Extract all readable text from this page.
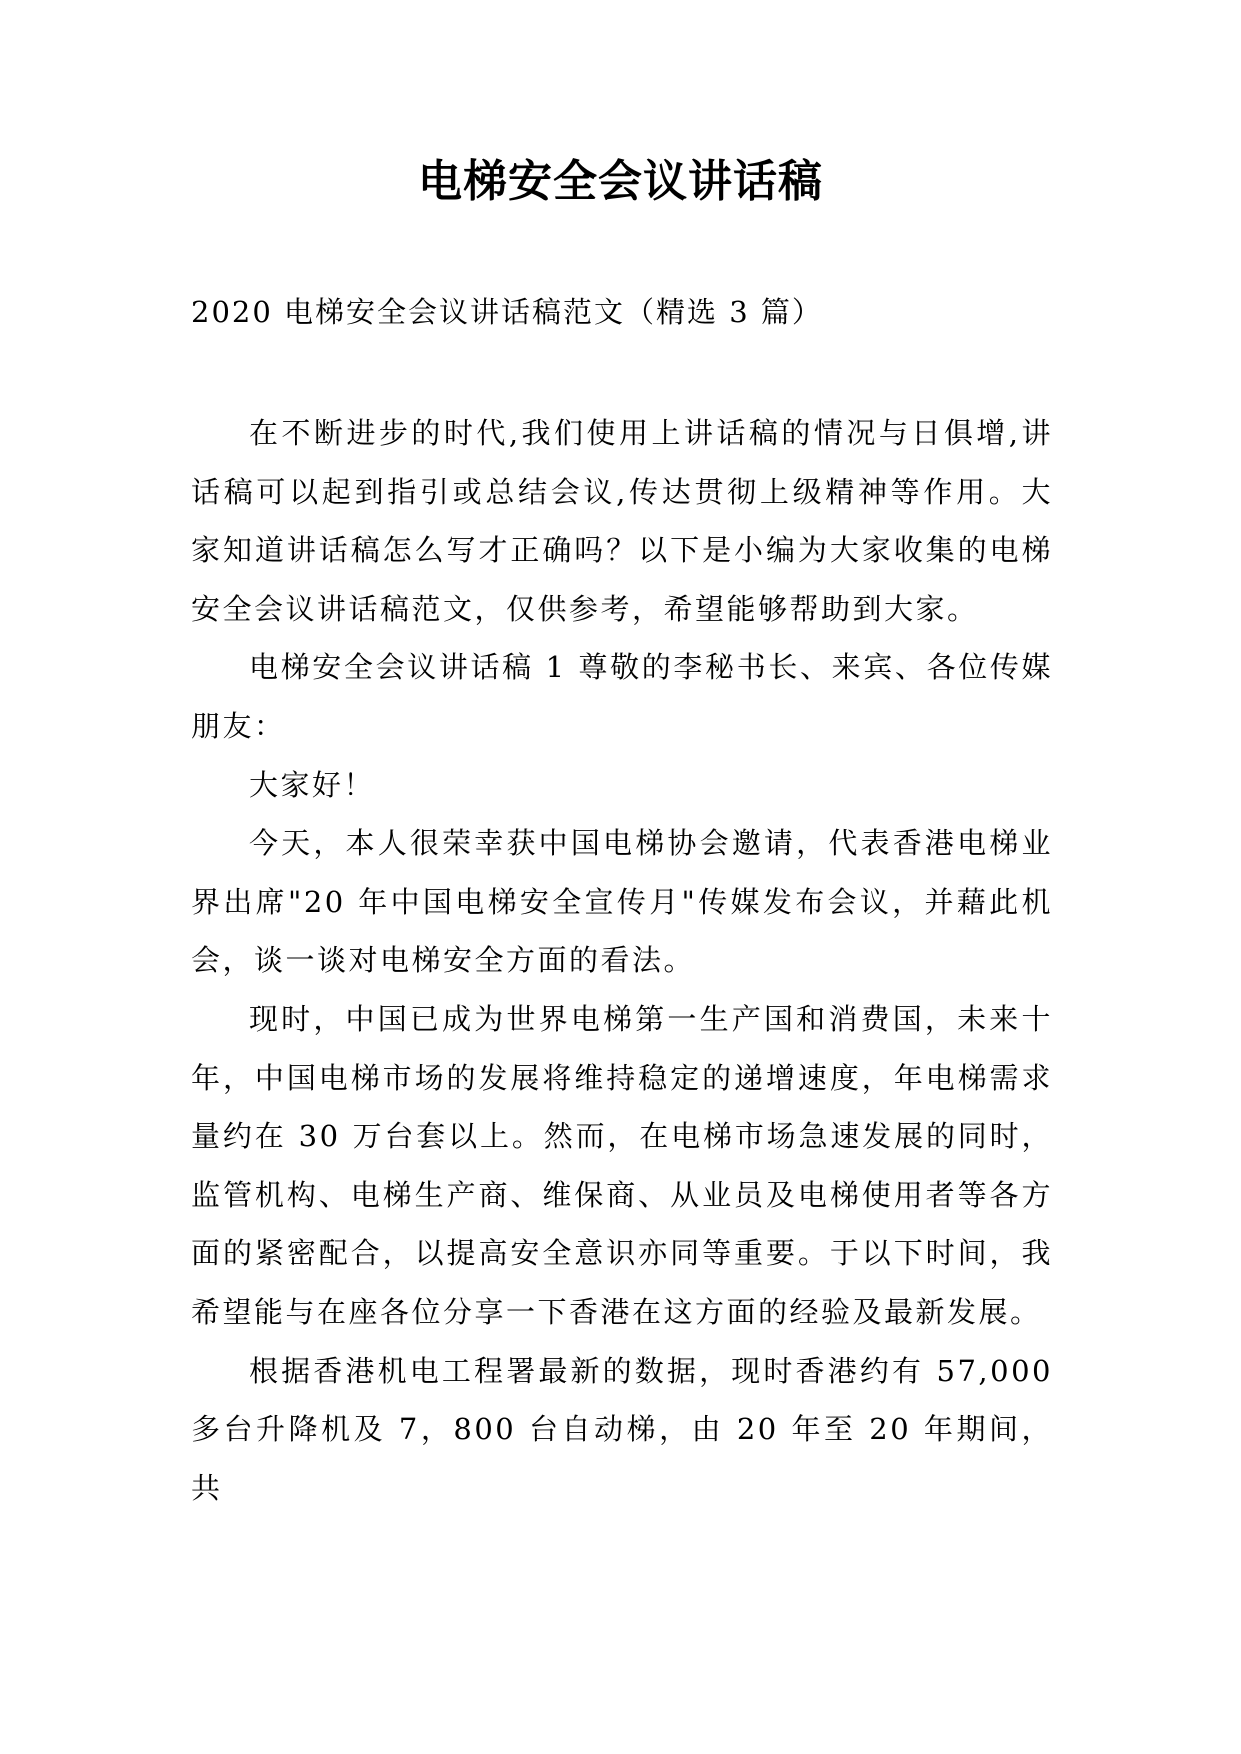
电梯安全会议讲话稿
2020 电梯安全会议讲话稿范文（精选 3 篇）

在不断进步的时代,我们使用上讲话稿的情况与日俱增,讲话稿可以起到指引或总结会议,传达贯彻上级精神等作用。大家知道讲话稿怎么写才正确吗？以下是小编为大家收集的电梯安全会议讲话稿范文，仅供参考，希望能够帮助到大家。

电梯安全会议讲话稿 1 尊敬的李秘书长、来宾、各位传媒朋友：

大家好！

今天，本人很荣幸获中国电梯协会邀请，代表香港电梯业界出席"20 年中国电梯安全宣传月"传媒发布会议，并藉此机会，谈一谈对电梯安全方面的看法。

现时，中国已成为世界电梯第一生产国和消费国，未来十年，中国电梯市场的发展将维持稳定的递增速度，年电梯需求量约在 30 万台套以上。然而，在电梯市场急速发展的同时，监管机构、电梯生产商、维保商、从业员及电梯使用者等各方面的紧密配合，以提高安全意识亦同等重要。于以下时间，我希望能与在座各位分享一下香港在这方面的经验及最新发展。

根据香港机电工程署最新的数据，现时香港约有 57,000 多台升降机及 7，800 台自动梯，由 20 年至 20 年期间，共
